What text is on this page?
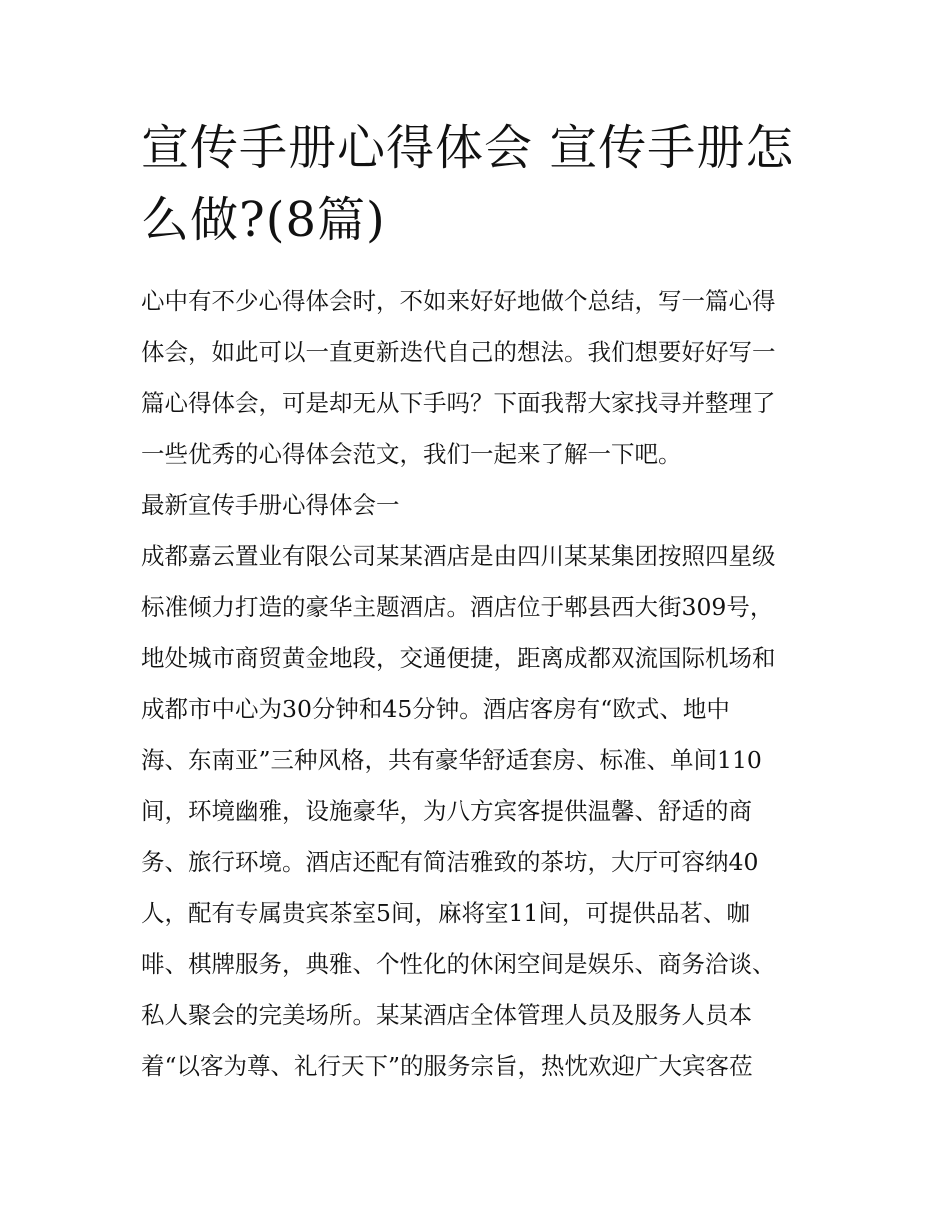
宣传手册心得体会 宣传手册怎么做?(8篇)

心中有不少心得体会时，不如来好好地做个总结，写一篇心得

体会，如此可以一直更新迭代自己的想法。我们想要好好写一

篇心得体会，可是却无从下手吗？下面我帮大家找寻并整理了

一些优秀的心得体会范文，我们一起来了解一下吧。

最新宣传手册心得体会一

成都嘉云置业有限公司某某酒店是由四川某某集团按照四星级

标准倾力打造的豪华主题酒店。酒店位于郫县西大街309号，

地处城市商贸黄金地段，交通便捷，距离成都双流国际机场和

成都市中心为30分钟和45分钟。酒店客房有“欧式、地中

海、东南亚”三种风格，共有豪华舒适套房、标准、单间110

间，环境幽雅，设施豪华，为八方宾客提供温馨、舒适的商

务、旅行环境。酒店还配有简洁雅致的茶坊，大厅可容纳40

人，配有专属贵宾茶室5间，麻将室11间，可提供品茗、咖

啡、棋牌服务，典雅、个性化的休闲空间是娱乐、商务洽谈、

私人聚会的完美场所。某某酒店全体管理人员及服务人员本

着“以客为尊、礼行天下”的服务宗旨，热忱欢迎广大宾客莅
